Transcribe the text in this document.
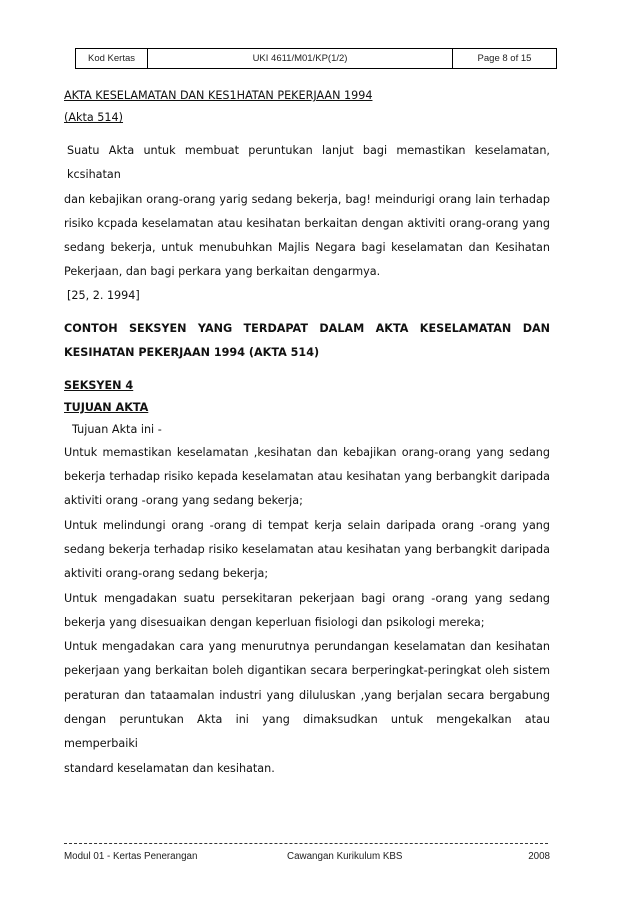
Kod Kertas	UKI 4611/M01/KP(1/2)	Page 8 of 15
AKTA KESELAMATAN DAN KES1HATAN PEKERJAAN 1994
(Akta 514)
Suatu Akta untuk membuat peruntukan lanjut bagi memastikan keselamatan, kcsihatan
dan kebajikan orang-orang yarig sedang bekerja, bag! meindurigi orang lain terhadap
risiko kcpada keselamatan atau kesihatan berkaitan dengan aktiviti orang-orang yang
sedang bekerja, untuk menubuhkan Majlis Negara bagi keselamatan dan Kesihatan
Pekerjaan, dan bagi perkara yang berkaitan dengarmya.
[25, 2. 1994]
CONTOH SEKSYEN YANG TERDAPAT DALAM AKTA KESELAMATAN DAN
KESIHATAN PEKERJAAN 1994 (AKTA 514)
SEKSYEN 4
TUJUAN AKTA
Tujuan Akta ini -
Untuk memastikan keselamatan ,kesihatan dan kebajikan orang-orang yang sedang
bekerja terhadap risiko kepada keselamatan atau kesihatan yang berbangkit daripada
aktiviti orang -orang yang sedang bekerja;
Untuk melindungi orang -orang di tempat kerja selain daripada orang -orang yang
sedang bekerja terhadap risiko keselamatan atau kesihatan yang berbangkit daripada
aktiviti orang-orang sedang bekerja;
Untuk mengadakan suatu persekitaran pekerjaan bagi orang -orang yang sedang
bekerja yang disesuaikan dengan keperluan fisiologi dan psikologi mereka;
Untuk mengadakan cara yang menurutnya perundangan keselamatan dan kesihatan
pekerjaan yang berkaitan boleh digantikan secara berperingkat-peringkat oleh sistem
peraturan dan tataamalan industri yang diluluskan ,yang berjalan secara bergabung
dengan peruntukan Akta ini yang dimaksudkan untuk mengekalkan atau memperbaiki
standard keselamatan dan kesihatan.
Modul 01 - Kertas Penerangan	Cawangan Kurikulum KBS	2008
